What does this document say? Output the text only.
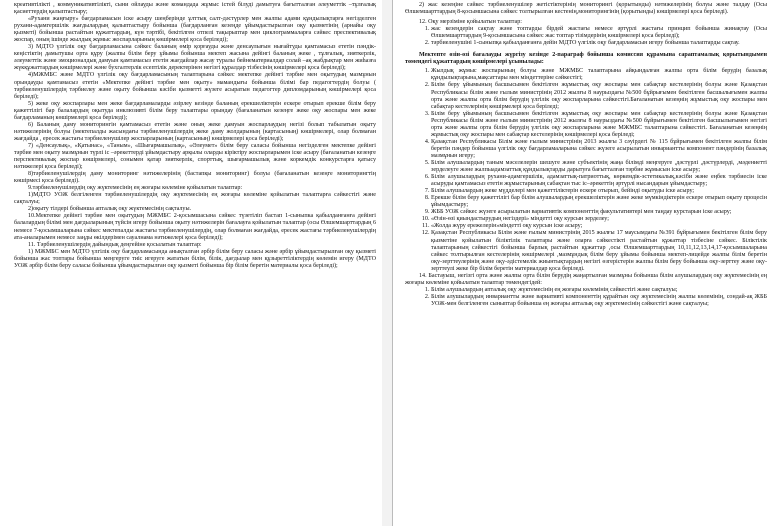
креативтілікті , коммуникативтілікті, сыни ойлауды және командада жұмыс істей білуді дамытуға бағытталған әлеуметтік –тұлғалық қасиеттердің қалыптастыру;

«Рухани жаңғыру» бағдарламасын іске асыру шеңберінде ұлттық салт-дәстүрлер мен жалпы адами құндылықтарға негізделген рухани-адамгершілік жағдылардың қалыптастыру бойынша (бағдарланған кезеңде ұйымдастырылған оқу қызметінің (арнайы оқу қызметі) бойынша растайтын құжаттардың, күн тәртібі, бекітілген отпелі тақырыптар мен циклограммаларға сәйкес преспективалық жоспар, оның ішінде жылдық жұмыс жоспарларының көшірмелері қоса беріледі);

3) МДТО үлгілік оқу бағдарламасына сәйкес баланың өмір қорғауды және денсаулығын нығайтуды қамтамасыз ететін пәндік-кеңістіктің дамытушы орта құру (жалпы білім беру ұйымы бойынша мектеп жасына дейінгі баланың жеке , тұлғалық, зияткерлік, әлеуметтік және эмоционалдық дамуын қамтамасыз ететін жағдайлар жасау туралы бейнематериалдар солай –ақ жабдықтар мен жиһазға жүкқұжаттардың көшірмелері және бухгалтерлік есептілік деректерінен негізгі құралдар тізбесінің көшірмелері қоса беріледі);

4)МЖМБС және МДТО үлгілік оқу бағдарламасының талаптарына сәйкес мектепке дейінгі тәрбие мен оқытудың мазмұнын орындауды қамтамасыз ететін «Мектепке дейінгі тәрбие мен оқыту» мамандығы бойынша білімі бар педагогтердің болуы ( тәрбиеленушілердің тәрбиелеу және оқыту бойынша кәсіби қызметті жүзеге асыратын педагогтер дипломдарының көшірмелері қоса беріледі);

5) жеке оқу жоспарлары мен жеке бағдарламаларды әзірлеу кезінде баланың ерекшеліктерін ескере отырып ерекше білім беру қажеттілігі бар балалардың оқытуда инклюзивті білім беру талаптары орындау (бағаланатын кезеңге жеке оқу жоспары мен жеке бағдарламаның көшірмелері қоса беріледі);

6) Баланың даму мониторингін қамтамасыз ететін және оның жеке дамуын жоспарлаудың негізі болып табылатын оқыту нәтижелерінің болуы (мектепалды жасындағы тәрбиеленушілердің жеке даму жолдарының (картасының) көшірмелері, олар болмаған жағдайда , ересек жастағы тәрбиеленушілер жоспарларының (картасының) көшірмелері қоса беріледі);

7) «Денсаулық», «Қатынас», «Таным», «Шығармашылық», «Әлеумет» білім беру саласы бойынша негізделген мектепке дейінгі тәрбие мен оқыту мазмұнын түрлі іс –әрекеттерді ұйымдастыру арқылы оларды кіріктіру жоспарларымен іске асыру (бағаланатын кезеңге перспективалық жоспар көшірмелері, сонымен қатар зияткерлік, спорттық, шығармашылық және коркемдік конкурстарға қатысу нәтижелері қоса беріледі);

8)тәрбиеленушілердің даму мониторинг нәтижелерінің (бастапқы мониторинг) болуы (бағаланатын кезеңге мониторингтің көшірмесі қоса беріледі).

9.тәрбиеленушілердің оқу жүктемесінің ең жоғары көлеміне қойылатын талаптар:

1)МДТО УОЖ белгіленген тәрбиеленушілердің оқу жүктемесінің ең жоғары көлеміне қойылатын талаптарға сәйкестігі және сақталуы;

2)оқыту тілдері бойынша апталық оқу жүктемесінің сақталуы.

10.Мектепке дейінгі тәрбие мен оқытудың МЖМБС 2-қосымшасына сәйкес түзетіліп бастап 1-сыныпка қабылданғанға дейінгі балалардың білімі мен дағдыларының түйсін игеру бойынша оқыту нәтижелерін бағалауға қойылатын талаптар (осы Өлшемшарттардың 6 немесе 7-қосымшаларына сәйкес мектепалды жастағы тәрбиеленушілердің, олар болмаған жағдайда, ересек жастағы тәрбиеленушілердің ата-аналарымен немесе заңды өкілдерімен сауалнама нәтижелері қоса беріледі);

11. Тәрбиеленушілердің дайындық деңгейіне қосылатын талаптар:

1) МЖМБС мен МДТО үлгілік оқу бағдарламасында анықталған әрбір білім беру саласы және әрбір ұйымдастырылған оқу қызметі бойынша жас топтары бойынша меңгеруге тиіс игеруге жататын білім, білік, дағдылар мен құзыреттіліктердің көлемін игеру (МДТО УОЖ әрбір білім беру саласы бойынша ұйымдастырылған оқу қызметі бойынша бір білім беретін материалы қоса беріледі);

2) жас кезеңіне сәйкес тәрбиеленушілер жетістіктерінің мониторингі (қорытынды) нәтижелерінің болуы және талдау (Осы Өлшемшарттардың 8-қосымшасына сәйкес толтырылған кестенің,мониторингінің (қорытынды) көшірмелері қоса беріледі).

12. Оқу мерзіміне қойылатын талаптар:

1. жас кезеңдерін сақтау және топтарды бірдей жастағы немесе әртүрлі жастағы принцип бойынша жинақтау (Осы Өлшемшарттардың 9-қосымшасына сәйкес жас топтар тізімдерінің көшірмелері қоса беріледі);
2. тәрбиеленушіні 1-сыныпқа қабылданғанға дейін МДТО үлгілік оқу бағдарламасын игеру бойынша талаптарды сақтау.

Мектепте өзін-өзі бағалауды жүргізу кезінде 2-параграф бойынша комиссия құрамына сараптамалық қорытындымен төмендегі құжаттардың көшірмелері ұсынылады:

1. Жылдық жұмыс жоспарының болуы және МЖМБС талаптарына айқындалған жалпы орта білім берудің базалық құндылықтарына,мақсаттары мен міндеттеріне сәйкестігі;
2. Білім беру ұйымының басшысымен бекітілген жұмыстық оқу жоспары мен сабақтар кестелерінің болуы және Қазақстан Республикасы білім және ғылым министрінің 2012 жылғы 8 наурыздағы №500 бұйрығымен бекітілген басшылығымен жалпы орта және жалпы орта білім берудің үлгілік оқу жоспарларына сәйкестігі.Бағаланатын кезеңнің жұмыстық оқу жоспары мен сабақтар кестелерінің көшірмелері қоса беріледі;
3. Білім беру ұйымының басшысымен бекітілген жұмыстық оқу жоспары мен сабақтар кестелерінің болуы және Қазақстан Республикасы білім және ғылым министрінің 2012 жылғы 8 наурыздағы №500 бұйрығымен бекітілген басшылығымен негізгі орта және жалпы орта білім берудің үлгілік оқу жоспарларына және МЖМБС талаптарына сәйкестігі. Бағаланатын кезеңнің жұмыстық оқу жоспары мен сабақтар кестелерінің көшірмелері қоса беріледі;
4. Қазақстан Республикасы Білім және ғылым министрінің 2013 жылғы 3 сәуірдегі № 115 бұйрығымен бекітілген жалпы білім беретін пәндер бойынша үлгілік оқу бағдарламаларына сәйкес жүзеге асырылатын инвариантты компонент пәндерінің базалық мазмұнын игеру;
5. Білім алушылардың таным мәселелерін шешуге және субъектінің жаңа білімді меңгеруге ,дәстүрлі ,дәстүрлерді, ,мәдениетті зерделеуге және жалпыадамзаттық құндылықтарды дарытуға бағытталған тәрбие жұмысын іске асыру;
6. Білім алушылардың рухани-адамгершілік, адамзаттық-патриоттық, көркемдік-эстетикалық,кәсіби және еңбек тәрбиесін іске асыруды қамтамасыз ететін жұмыстарының сабақтан тыс іс–әрекеттің әртүрлі нысандарын ұйымдастыру;
7. Білім алушылардың жеке мүдделері мен қажеттіліктерін ескере отырып, бейінді оқытуды іске асыру;
8. Ерекше білім беру қажеттілігі бар білім алушылардың ерекшеліктерін және жеке мүмкіндіктерін ескере отырып оқыту процесін ұйымдастыру;
9. ЖББ УОЖ сәйкес жүзеге асырылатын вариативтік компоненттің факультативтері мен таңдау курстарын іске асыру;
10. «Өзін-өзі қиындастырудың негіздері» міндетті оқу курсын зерделеу;
11. «Жолда жүру ережелерін»міндетті оқу курсын іске асыру;
12. Қазақстан Республикасы Білім және ғылым министрінің 2015 жылғы 17 маусымдағы №391 бұйрығымен бекітілген білім беру қызметіне қойылатын біліктілік талаптары және оларға сәйкестікті растайтын құжаттар тізбесіне сәйкес. Біліктілік талаптарының сәйкестігі бойынша барлық растайтын құжаттар ,осы Өлшемшарттардың 10,11,12,13,14,17-қосымшаларына сәйкес толтырылған кестелерінің көшірмелері ,мазмұндық білім беру ұйымы бойынша мектеп-лицейде жалпы білім беретін оқу-зерттеулерінің және оқу-әдістемелік жиынтықтардың негізгі өзгерістерін жалпы білім беру бойынша оқу-зерттеу және оқу-зерттеулі жеке бір білім беретін материалдар қоса беріледі.

14. Бастауыш, негізгі орта және жалпы орта білім берудің жаңартылған мазмұны бойынша білім алушылардың оқу жүктемесінің ең жоғары көлеміне қойылатын талаптар төмендегідей:

1. Білім алушылардың апталық оқу жүктемесінің ең жоғары көлемінің сәйкестігі және сақталуы;
2. Білім алушылардың инвариантты және вариативті компоненттің құрайтын оқу жүктемесінің жалпы көлемінің, сондай-ақ ЖББ УОЖ-мен белгіленген сыныптар бойынша ең жоғары апталық оқу жүктемесінің сәйкестігі және сақталуы;
